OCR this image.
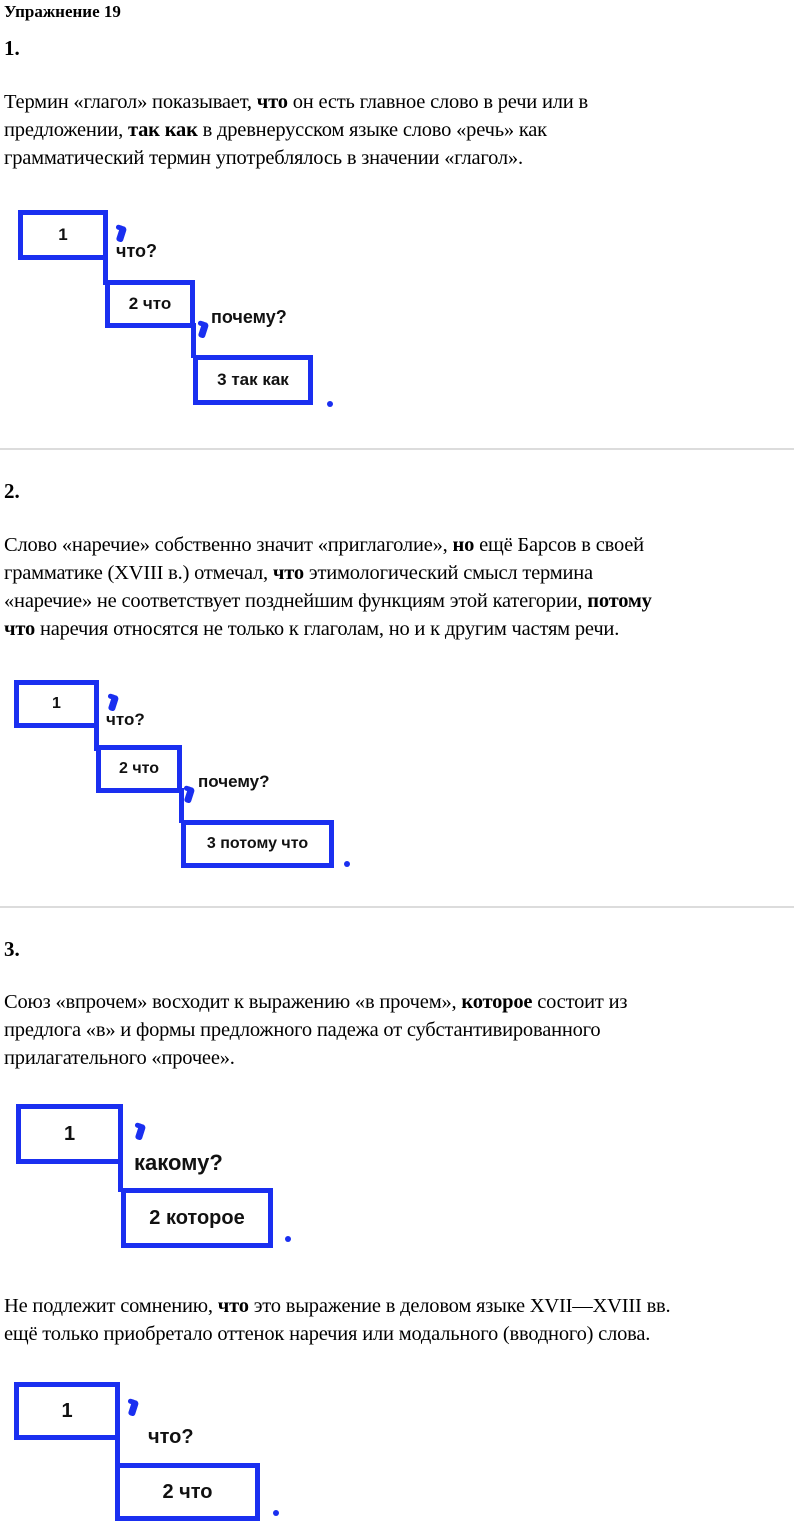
Упражнение 19
1.
Термин «глагол» показывает, что он есть главное слово в речи или в
предложении, так как в древнерусском языке слово «речь» как
грамматический термин употреблялось в значении «глагол».
1
что?
2 что
почему?
3 так как
2.
Слово «наречие» собственно значит «приглаголие», но ещё Барсов в своей
грамматике (XVIII в.) отмечал, что этимологический смысл термина
«наречие» не соответствует позднейшим функциям этой категории, потому
что наречия относятся не только к глаголам, но и к другим частям речи.
1
что?
2 что
почему?
3 потому что
3.
Союз «впрочем» восходит к выражению «в прочем», которое состоит из
предлога «в» и формы предложного падежа от субстантивированного
прилагательного «прочее».
1
какому?
2 которое
Не подлежит сомнению, что это выражение в деловом языке XVII—XVIII вв.
ещё только приобретало оттенок наречия или модального (вводного) слова.
1
что?
2 что
